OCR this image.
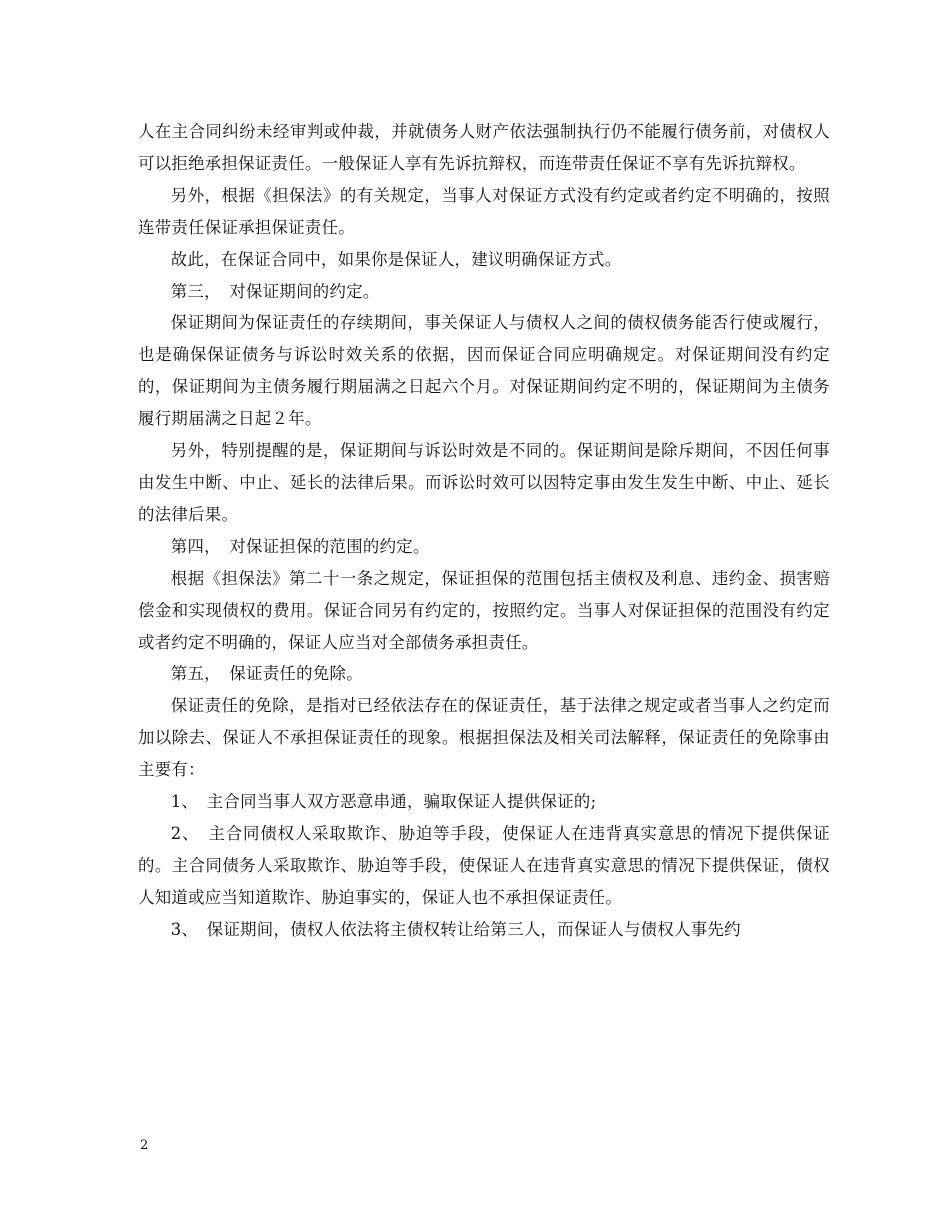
人在主合同纠纷未经审判或仲裁，并就债务人财产依法强制执行仍不能履行债务前，对债权人可以拒绝承担保证责任。一般保证人享有先诉抗辩权，而连带责任保证不享有先诉抗辩权。

另外，根据《担保法》的有关规定，当事人对保证方式没有约定或者约定不明确的，按照连带责任保证承担保证责任。

故此，在保证合同中，如果你是保证人，建议明确保证方式。

第三，　对保证期间的约定。

保证期间为保证责任的存续期间，事关保证人与债权人之间的债权债务能否行使或履行，也是确保保证债务与诉讼时效关系的依据，因而保证合同应明确规定。对保证期间没有约定的，保证期间为主债务履行期届满之日起六个月。对保证期间约定不明的，保证期间为主债务履行期届满之日起２年。

另外，特别提醒的是，保证期间与诉讼时效是不同的。保证期间是除斥期间，不因任何事由发生中断、中止、延长的法律后果。而诉讼时效可以因特定事由发生发生中断、中止、延长的法律后果。

第四，　对保证担保的范围的约定。

根据《担保法》第二十一条之规定，保证担保的范围包括主债权及利息、违约金、损害赔偿金和实现债权的费用。保证合同另有约定的，按照约定。当事人对保证担保的范围没有约定或者约定不明确的，保证人应当对全部债务承担责任。

第五，　保证责任的免除。

保证责任的免除，是指对已经依法存在的保证责任，基于法律之规定或者当事人之约定而加以除去、保证人不承担保证责任的现象。根据担保法及相关司法解释，保证责任的免除事由主要有：

1、　主合同当事人双方恶意串通，骗取保证人提供保证的;

2、　主合同债权人采取欺诈、胁迫等手段，使保证人在违背真实意思的情况下提供保证的。主合同债务人采取欺诈、胁迫等手段，使保证人在违背真实意思的情况下提供保证，债权人知道或应当知道欺诈、胁迫事实的，保证人也不承担保证责任。

3、　保证期间，债权人依法将主债权转让给第三人，而保证人与债权人事先约

2
